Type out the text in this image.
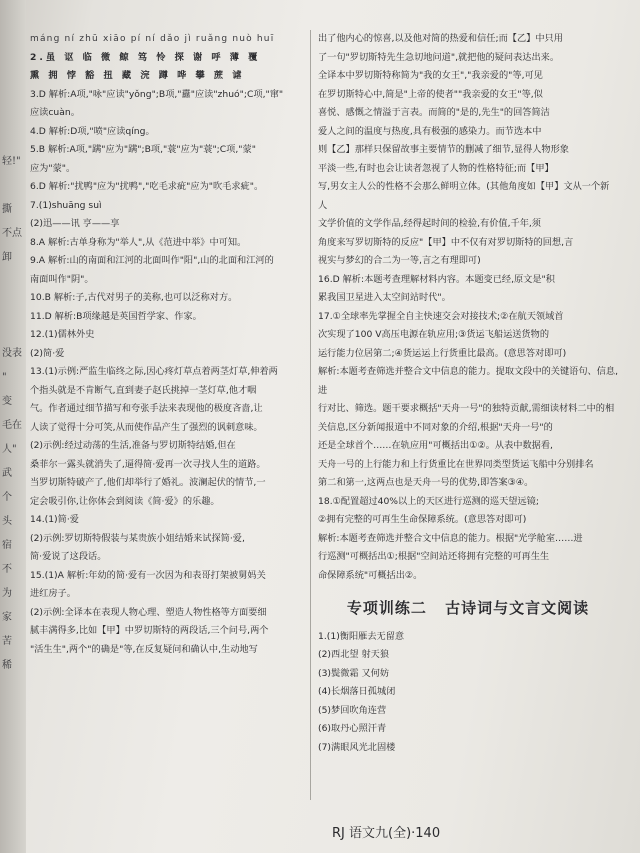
轻!"

撕
不点卸

没表
"
变
毛在
人"
武
个
头
宿
不
为
家
苦
稀

máng ní zhū xiāo pí ní dǎo jì ruǎng nuò huī

2.虽 讴 临 微 鲸 笃 怜 探 谢 呼 薄 覆

熏 拥 悖 豁 扭 藏 浣 蹲 哗 攀 蔗 谑

3.D 解析:A项,"咏"应读"yǒng";B项,"纛"应读"zhuó";C项,"窜"

应读cuàn。

4.D 解析:D项,"喷"应读qíng。

5.B 解析:A项,"蹒"应为"蹒";B项,"蓑"应为"蓑";C项,"蒙"

应为"蒙"。

6.D 解析:"扰鸭"应为"扰鸭","吃毛求疵"应为"吹毛求疵"。

7.(1)shuāng suì

(2)迅——讯 亨——享

8.A 解析:古单身称为"举人",从《范进中举》中可知。

9.A 解析:山的南面和江河的北面叫作"阳",山的北面和江河的

南面叫作"阴"。

10.B 解析:子,古代对男子的美称,也可以泛称对方。

11.D 解析:B项缘越是英国哲学家、作家。

12.(1)儒林外史

(2)简·爱

13.(1)示例:严监生临终之际,因心疼灯草点着两茎灯草,伸着两

个指头就是不肯断气,直到妻子赵氏挑掉一茎灯草,他才咽

气。作者通过细节描写和夸张手法来表现他的极度吝啬,让

人读了觉得十分可笑,从而使作品产生了强烈的讽刺意味。

(2)示例:经过动荡的生活,准备与罗切斯特结婚,但在

桑菲尔一露头就消失了,逼得简·爱再一次寻找人生的道路。

当罗切斯特破产了,他们却举行了婚礼。波澜起伏的情节,一

定会吸引你,让你体会到阅读《简·爱》的乐趣。

14.(1)简·爱

(2)示例:罗切斯特假装与某贵族小姐结婚来试探简·爱,

简·爱说了这段话。

15.(1)A 解析:年幼的简·爱有一次因为和表哥打架被舅妈关

进红房子。

(2)示例:全译本在表现人物心理、塑造人物性格等方面要细

腻丰满得多,比如【甲】中罗切斯特的两段话,三个问号,两个

"活生生",两个"的确是"等,在反复疑问和确认中,生动地写

出了他内心的惊喜,以及他对简的热爱和信任;而【乙】中只用

了一句"罗切斯特先生急切地问道",就把他的疑问表达出来。

全译本中罗切斯特称简为"我的女王","我亲爱的"等,可见

在罗切斯特心中,简是"上帝的使者""我亲爱的女王"等,似

喜悦、感慨之情溢于言表。而简的"是的,先生"的回答简洁

爱人之间的温度与热度,具有极强的感染力。而节选本中

则【乙】那样只保留故事主要情节的删减了细节,显得人物形象

平淡一些,有时也会让读者忽视了人物的性格特征;而【甲】

写,男女主人公的性格不会那么鲜明立体。(其他角度如【甲】文从一个新人

文学价值的文学作品,经得起时间的检验,有价值,千年,须

角度来写罗切斯特的反应"【甲】中不仅有对罗切斯特的回想,言

视实与梦幻的合二为一等,言之有理即可)

16.D 解析:本题考查理解材料内容。本题变已经,原文是"积

累我国卫星进入太空间站时代"。

17.①全球率先掌握全自主快速交会对接技术;②在航天领域首

次实现了100 V高压电源在轨应用;③货运飞船运送货物的

运行能力位居第二;④货运运上行货重比最高。(意思答对即可)

解析:本题考查筛选并整合文中信息的能力。提取文段中的关键语句、信息,进

行对比、筛选。题干要求概括"天舟一号"的独特贡献,需细读材料二中的相

关信息,区分新闻报道中不同对象的介绍,根据"天舟一号"的

还是全球首个……在轨应用"可概括出①②。从表中数据看,

天舟一号的上行能力和上行货重比在世界同类型货运飞船中分别排名

第二和第一,这两点也是天舟一号的优势,即答案③④。

18.①配置超过40%以上的天区进行巡测的巡天望远镜;

②拥有完整的可再生生命保障系统。(意思答对即可)

解析:本题考查筛选并整合文中信息的能力。根据"光学舱室……进

行巡测"可概括出①;根据"空间站还将拥有完整的可再生生

命保障系统"可概括出②。

专项训练二 古诗词与文言文阅读

1.(1)衡阳雁去无留意

(2)西北望 射天狼

(3)鬓微霜 又何妨

(4)长烟落日孤城闭

(5)梦回吹角连营

(6)取丹心照汗青

(7)满眼风光北固楼

RJ 语文九(全)·140
